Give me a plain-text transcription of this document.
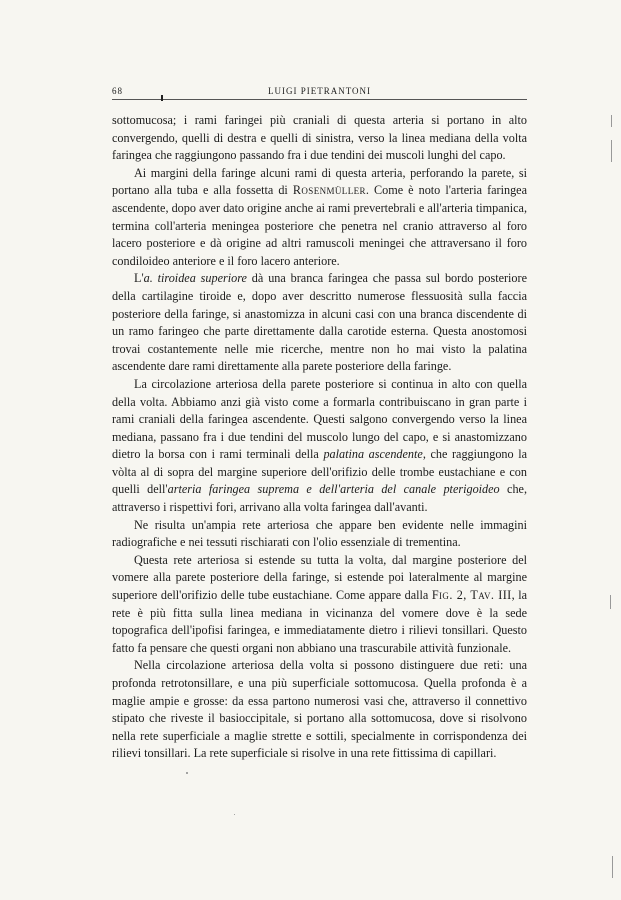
68	LUIGI PIETRANTONI

sottomucosa; i rami faringei più craniali di questa arteria si portano in alto convergendo, quelli di destra e quelli di sinistra, verso la linea mediana della volta faringea che raggiungono passando fra i due tendini dei muscoli lunghi del capo.

Ai margini della faringe alcuni rami di questa arteria, perforando la parete, si portano alla tuba e alla fossetta di Rosenmüller. Come è noto l'arteria faringea ascendente, dopo aver dato origine anche ai rami prevertebrali e all'arteria timpanica, termina coll'arteria meningea posteriore che penetra nel cranio attraverso al foro lacero posteriore e dà origine ad altri ramuscoli meningei che attraversano il foro condiloideo anteriore e il foro lacero anteriore.

L'a. tiroidea superiore dà una branca faringea che passa sul bordo posteriore della cartilagine tiroide e, dopo aver descritto numerose flessuosità sulla faccia posteriore della faringe, si anastomizza in alcuni casi con una branca discendente di un ramo faringeo che parte direttamente dalla carotide esterna. Questa anostomosi trovai costantemente nelle mie ricerche, mentre non ho mai visto la palatina ascendente dare rami direttamente alla parete posteriore della faringe.

La circolazione arteriosa della parete posteriore si continua in alto con quella della volta. Abbiamo anzi già visto come a formarla contribuiscano in gran parte i rami craniali della faringea ascendente. Questi salgono convergendo verso la linea mediana, passano fra i due tendini del muscolo lungo del capo, e si anastomizzano dietro la borsa con i rami terminali della palatina ascendente, che raggiungono la vòlta al di sopra del margine superiore dell'orifizio delle trombe eustachiane e con quelli dell'arteria faringea suprema e dell'arteria del canale pterigoideo che, attraverso i rispettivi fori, arrivano alla volta faringea dall'avanti.

Ne risulta un'ampia rete arteriosa che appare ben evidente nelle immagini radiografiche e nei tessuti rischiarati con l'olio essenziale di trementina.

Questa rete arteriosa si estende su tutta la volta, dal margine posteriore del vomere alla parete posteriore della faringe, si estende poi lateralmente al margine superiore dell'orifizio delle tube eustachiane. Come appare dalla Fig. 2, Tav. III, la rete è più fitta sulla linea mediana in vicinanza del vomere dove è la sede topografica dell'ipofisi faringea, e immediatamente dietro i rilievi tonsillari. Questo fatto fa pensare che questi organi non abbiano una trascurabile attività funzionale.

Nella circolazione arteriosa della volta si possono distinguere due reti: una profonda retrotonsillare, e una più superficiale sottomucosa. Quella profonda è a maglie ampie e grosse: da essa partono numerosi vasi che, attraverso il connettivo stipato che riveste il basioccipitale, si portano alla sottomucosa, dove si risolvono nella rete superficiale a maglie strette e sottili, specialmente in corrispondenza dei rilievi tonsillari. La rete superficiale si risolve in una rete fittissima di capillari.
